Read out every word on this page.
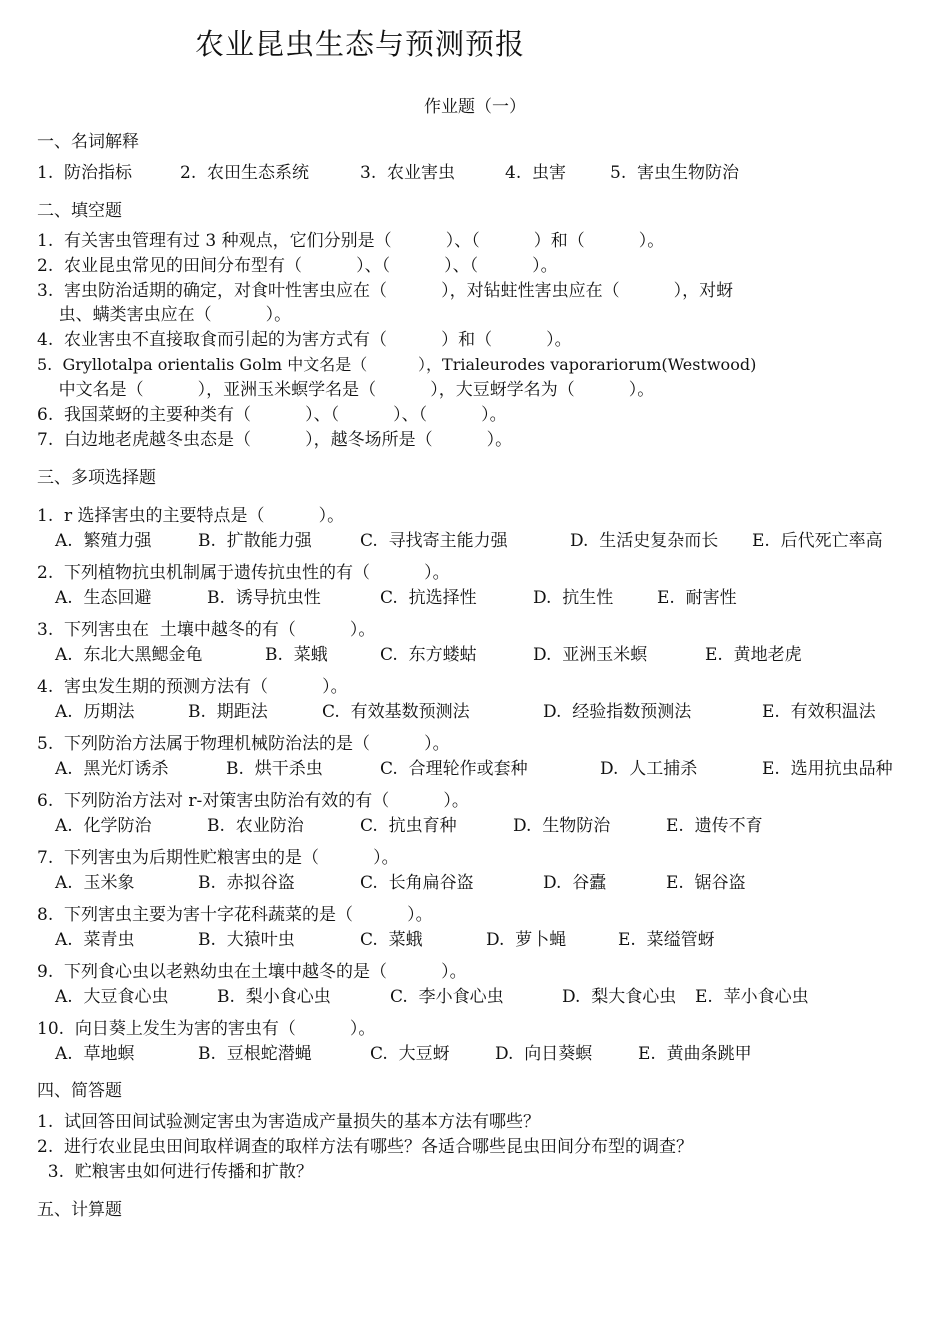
农业昆虫生态与预测预报
作业题（一）
一、名词解释
1.  防治指标	2.  农田生态系统	3.  农业害虫	4.  虫害	5.  害虫生物防治
二、填空题
1.  有关害虫管理有过 3 种观点，它们分别是（          ）、（          ）和（          ）。
2.  农业昆虫常见的田间分布型有（          ）、（          ）、（          ）。
3.  害虫防治适期的确定，对食叶性害虫应在（          ），对钻蛀性害虫应在（          ），对蚜
虫、螨类害虫应在（          ）。
4.  农业害虫不直接取食而引起的为害方式有（          ）和（          ）。
5.  Gryllotalpa orientalis Golm 中文名是（          ），Trialeurodes vaporariorum(Westwood)
中文名是（          ），亚洲玉米螟学名是（          ），大豆蚜学名为（          ）。
6.  我国菜蚜的主要种类有（          ）、（          ）、（          ）。
7.  白边地老虎越冬虫态是（          ），越冬场所是（          ）。
三、多项选择题
1.  r 选择害虫的主要特点是（          ）。
A.  繁殖力强	B.  扩散能力强	C.  寻找寄主能力强	D.  生活史复杂而长 E.  后代死亡率高
2.  下列植物抗虫机制属于遗传抗虫性的有（          ）。
A.  生态回避	B.  诱导抗虫性	C.  抗选择性	D.  抗生性	E.  耐害性
3.  下列害虫在  土壤中越冬的有（          ）。
A.  东北大黑鳃金龟	B.  菜蛾	C.  东方蝼蛄	D.  亚洲玉米螟	E.  黄地老虎
4.  害虫发生期的预测方法有（          ）。
A.  历期法	B.  期距法	C.  有效基数预测法	D.  经验指数预测法	E.  有效积温法
5.  下列防治方法属于物理机械防治法的是（          ）。
A.  黑光灯诱杀	B.  烘干杀虫	C.  合理轮作或套种	D.  人工捕杀	E.  选用抗虫品种
6.  下列防治方法对 r-对策害虫防治有效的有（          ）。
A.  化学防治	B.  农业防治	C.  抗虫育种	D.  生物防治	E.  遗传不育
7.  下列害虫为后期性贮粮害虫的是（          ）。
A.  玉米象	B.  赤拟谷盗	C.  长角扁谷盗	D.  谷蠹	E.  锯谷盗
8.  下列害虫主要为害十字花科蔬菜的是（          ）。
A.  菜青虫	B.  大猿叶虫	C.  菜蛾	D.  萝卜蝇	E.  菜缢管蚜
9.  下列食心虫以老熟幼虫在土壤中越冬的是（          ）。
A.  大豆食心虫	B.  梨小食心虫	C.  李小食心虫	D.  梨大食心虫 E.  苹小食心虫
10.  向日葵上发生为害的害虫有（          ）。
A.  草地螟	B.  豆根蛇潜蝇	C.  大豆蚜	D.  向日葵螟	E.  黄曲条跳甲
四、简答题
1.  试回答田间试验测定害虫为害造成产量损失的基本方法有哪些？
2.  进行农业昆虫田间取样调查的取样方法有哪些？各适合哪些昆虫田间分布型的调查？
3.  贮粮害虫如何进行传播和扩散？
五、计算题
